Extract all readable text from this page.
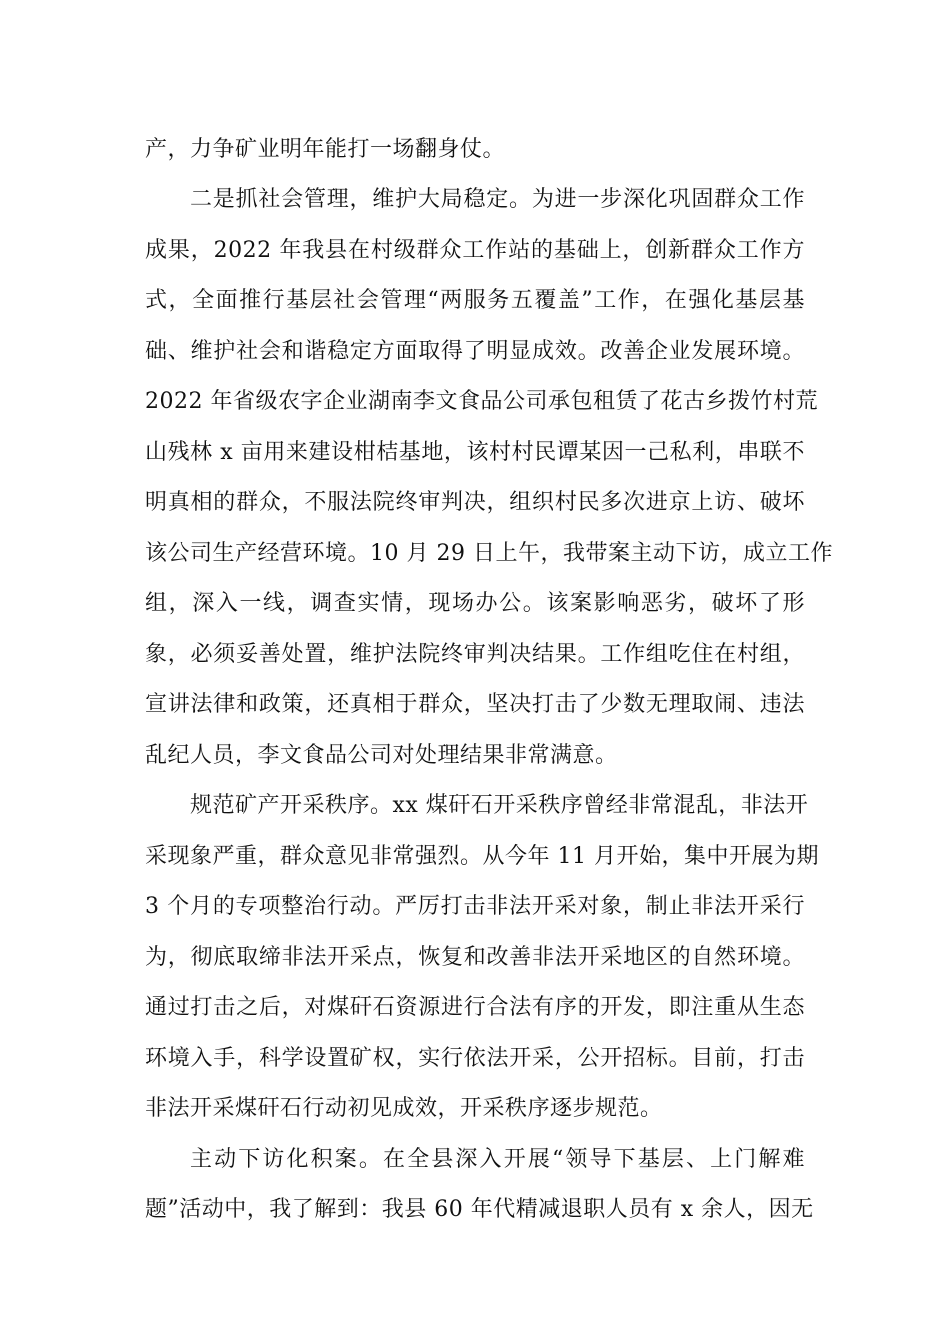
产，力争矿业明年能打一场翻身仗。
二是抓社会管理，维护大局稳定。为进一步深化巩固群众工作
成果，2022 年我县在村级群众工作站的基础上，创新群众工作方
式，全面推行基层社会管理“两服务五覆盖”工作，在强化基层基
础、维护社会和谐稳定方面取得了明显成效。改善企业发展环境。
2022 年省级农字企业湖南李文食品公司承包租赁了花古乡拨竹村荒
山残林 x 亩用来建设柑桔基地，该村村民谭某因一己私利，串联不
明真相的群众，不服法院终审判决，组织村民多次进京上访、破坏
该公司生产经营环境。10 月 29 日上午，我带案主动下访，成立工作
组，深入一线，调查实情，现场办公。该案影响恶劣，破坏了形
象，必须妥善处置，维护法院终审判决结果。工作组吃住在村组，
宣讲法律和政策，还真相于群众，坚决打击了少数无理取闹、违法
乱纪人员，李文食品公司对处理结果非常满意。
规范矿产开采秩序。xx 煤矸石开采秩序曾经非常混乱，非法开
采现象严重，群众意见非常强烈。从今年 11 月开始，集中开展为期
3 个月的专项整治行动。严厉打击非法开采对象，制止非法开采行
为，彻底取缔非法开采点，恢复和改善非法开采地区的自然环境。
通过打击之后，对煤矸石资源进行合法有序的开发，即注重从生态
环境入手，科学设置矿权，实行依法开采，公开招标。目前，打击
非法开采煤矸石行动初见成效，开采秩序逐步规范。
主动下访化积案。在全县深入开展“领导下基层、上门解难
题”活动中，我了解到：我县 60 年代精减退职人员有 x 余人，因无
